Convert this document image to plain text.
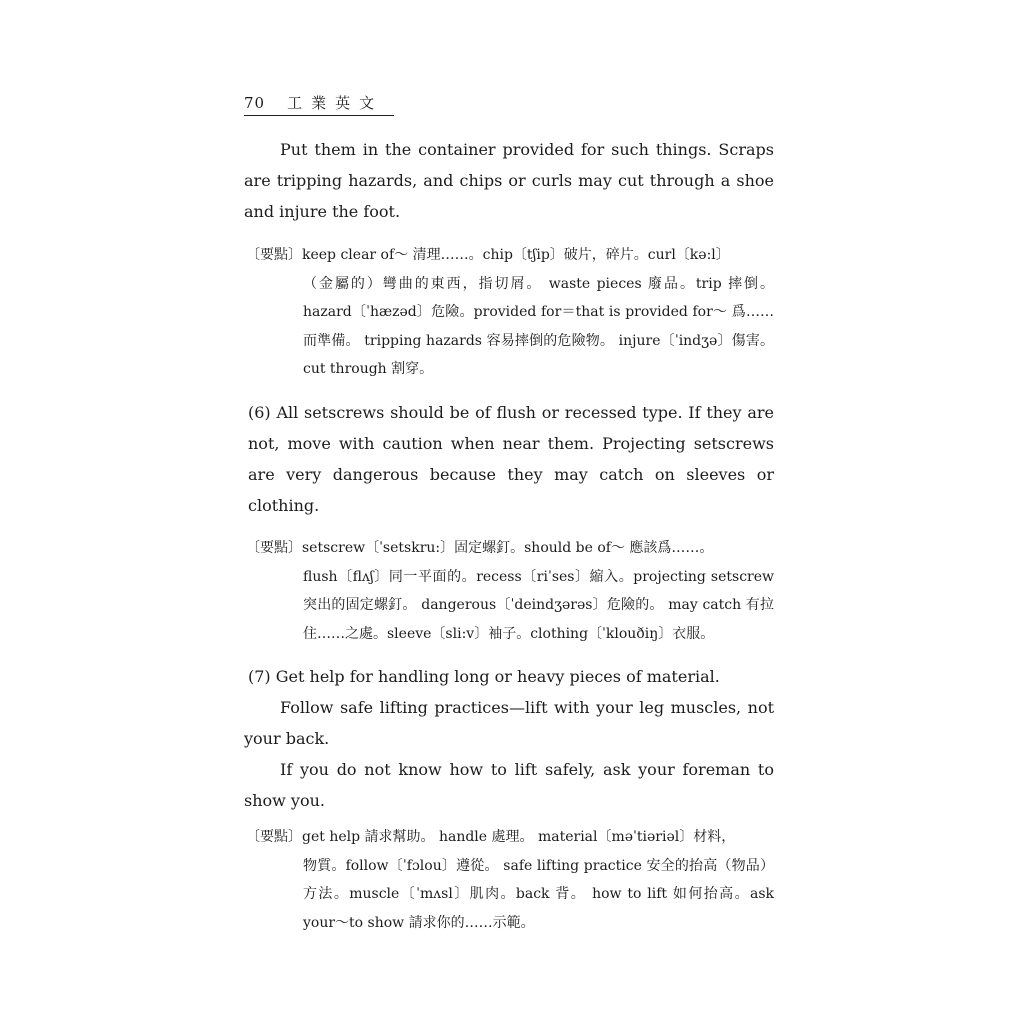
70 工業英文

Put them in the container provided for such things. Scraps are tripping hazards, and chips or curls may cut through a shoe and injure the foot.

〔要點〕keep clear of～ 清理……。chip〔tʃip〕破片，碎片。curl〔kə:l〕
（金屬的）彎曲的東西，指切屑。 waste pieces 廢品。trip 摔倒。hazard〔ˈhæzəd〕危險。provided for＝that is provided for～ 爲……而準備。 tripping hazards 容易摔倒的危險物。 injure〔ˈindʒə〕傷害。 cut through 割穿。

(6) All setscrews should be of flush or recessed type. If they are not, move with caution when near them. Projecting setscrews are very dangerous because they may catch on sleeves or clothing.

〔要點〕setscrew〔ˈsetskru:〕固定螺釘。should be of～ 應該爲……。
flush〔flʌʃ〕同一平面的。recess〔riˈses〕縮入。projecting setscrew 突出的固定螺釘。 dangerous〔ˈdeindʒərəs〕危險的。 may catch 有拉住……之處。sleeve〔sli:v〕袖子。clothing〔ˈklouðiŋ〕衣服。

(7) Get help for handling long or heavy pieces of material.

Follow safe lifting practices—lift with your leg muscles, not your back.

If you do not know how to lift safely, ask your foreman to show you.

〔要點〕get help 請求幫助。 handle 處理。 material〔məˈtiəriəl〕材料，
物質。follow〔ˈfɔlou〕遵從。 safe lifting practice 安全的抬高（物品）方法。muscle〔ˈmʌsl〕肌肉。back 背。 how to lift 如何抬高。ask your～to show 請求你的……示範。
